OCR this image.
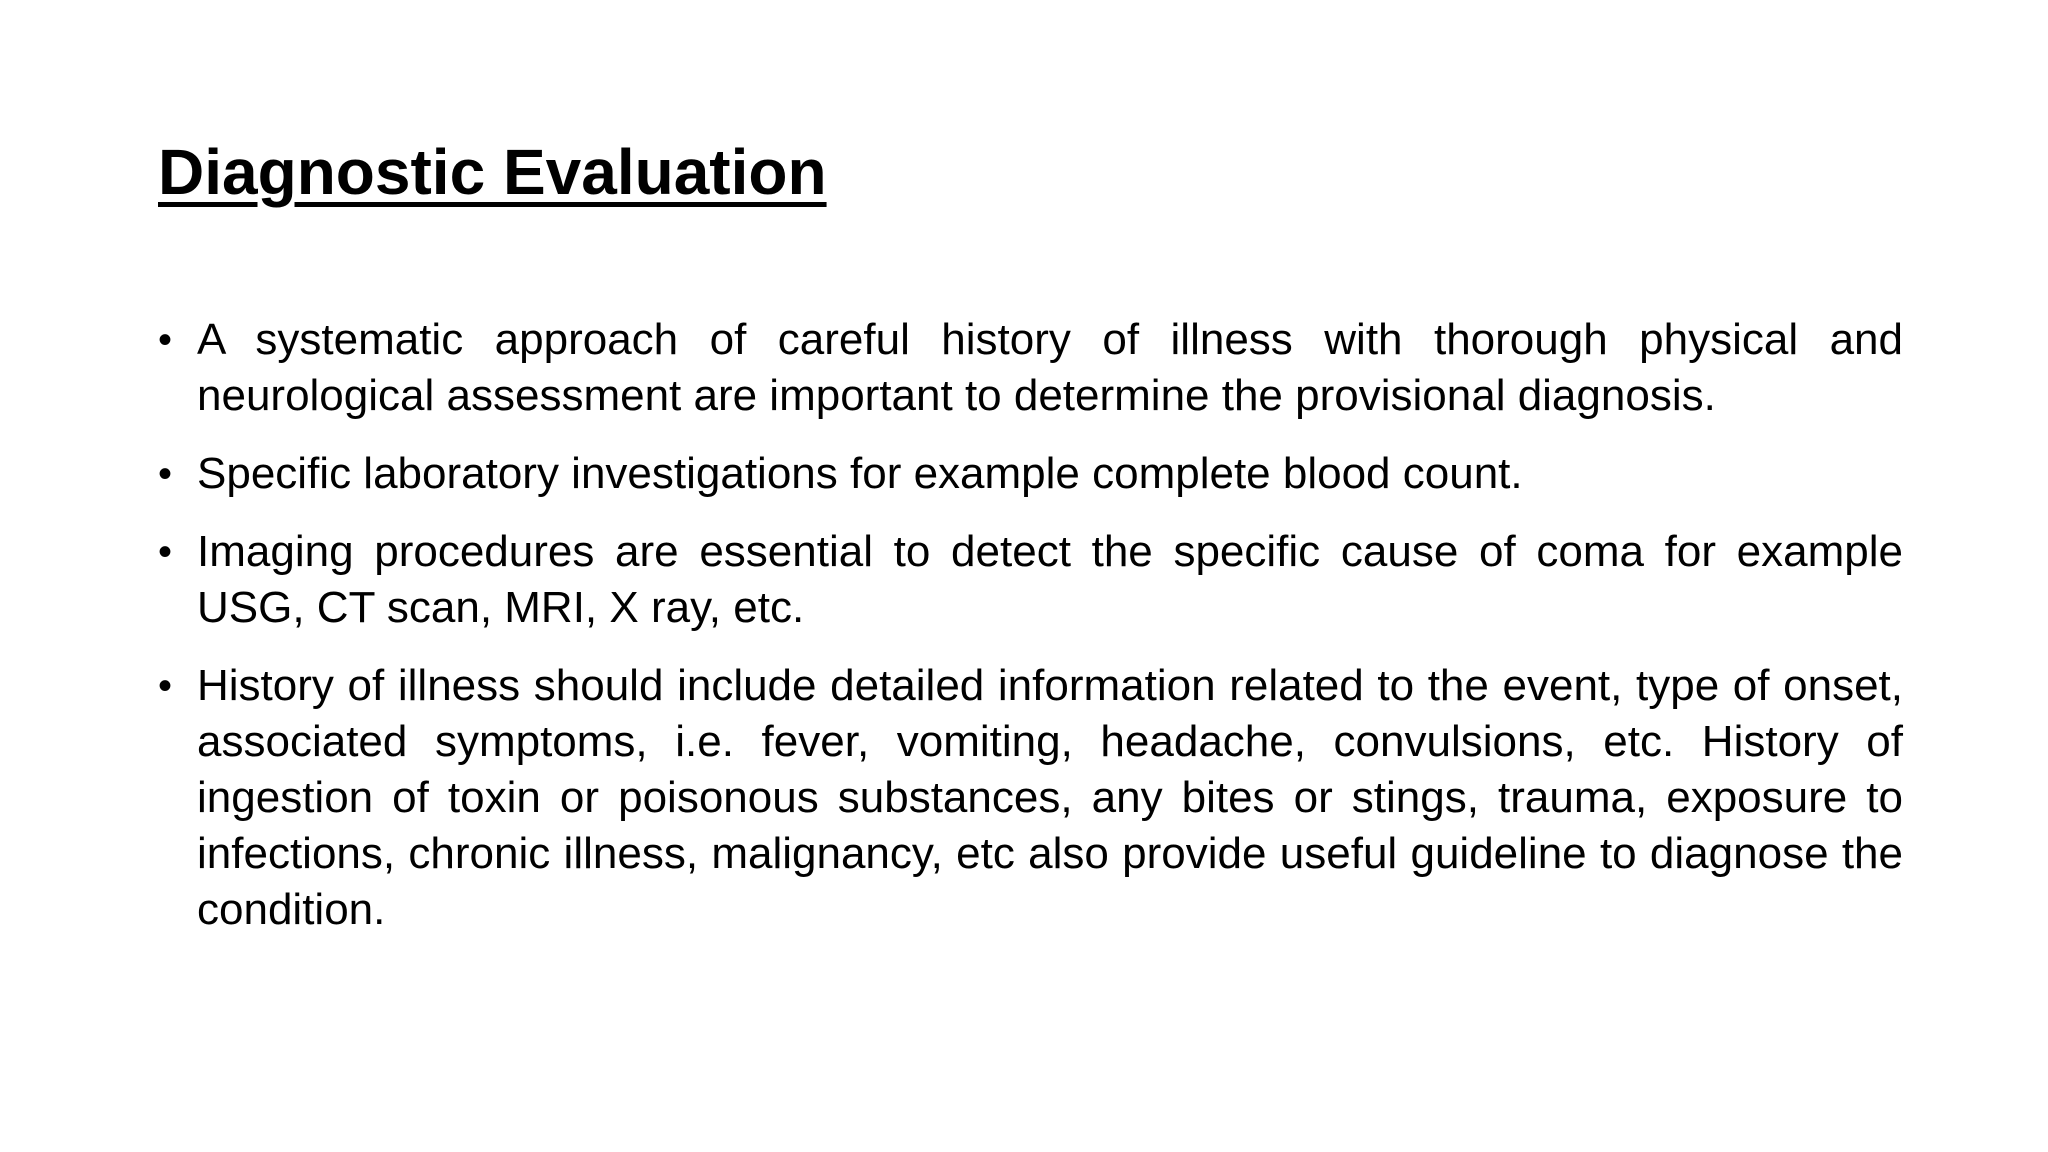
Diagnostic Evaluation
• A systematic approach of careful history of illness with thorough physical and neurological assessment are important to determine the provisional diagnosis.
• Specific laboratory investigations for example complete blood count.
• Imaging procedures are essential to detect the specific cause of coma for example USG, CT scan, MRI, X ray, etc.
• History of illness should include detailed information related to the event, type of onset, associated symptoms, i.e. fever, vomiting, headache, convulsions, etc. History of ingestion of toxin or poisonous substances, any bites or stings, trauma, exposure to infections, chronic illness, malignancy, etc also provide useful guideline to diagnose the condition.
